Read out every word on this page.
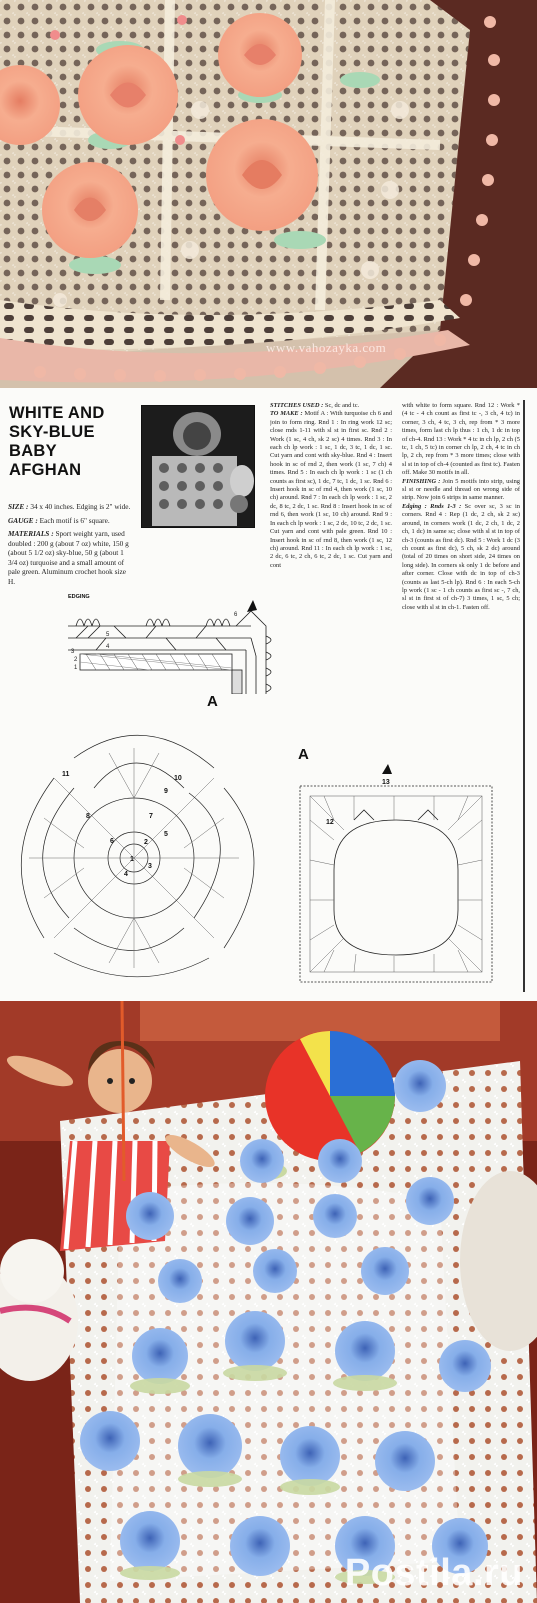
www.vahozayka.com
WHITE AND
SKY-BLUE
BABY
AFGHAN

SIZE : 34 x 40 inches. Edging is 2" wide.

GAUGE : Each motif is 6" square.

MATERIALS : Sport weight yarn, used doubled : 200 g (about 7 oz) white, 150 g (about 5 1/2 oz) sky-blue, 50 g (about 1 3/4 oz) turquoise and a small amount of pale green. Aluminum crochet hook size H.

STITCHES USED : Sc, dc and tc.
TO MAKE : Motif A : With turquoise ch 6 and join to form ring. Rnd 1 : In ring work 12 sc; close rnds 1-11 with sl st in first sc. Rnd 2 : Work (1 sc, 4 ch, sk 2 sc) 4 times. Rnd 3 : In each ch lp work : 1 sc, 1 dc, 3 tc, 1 dc, 1 sc. Cut yarn and cont with sky-blue. Rnd 4 : Insert hook in sc of rnd 2, then work (1 sc, 7 ch) 4 times. Rnd 5 : In each ch lp work : 1 sc (1 ch counts as first sc), 1 dc, 7 tc, 1 dc, 1 sc. Rnd 6 : Insert hook in sc of rnd 4, then work (1 sc, 10 ch) around. Rnd 7 : In each ch lp work : 1 sc, 2 dc, 8 tc, 2 dc, 1 sc. Rnd 8 : Insert hook in sc of rnd 6, then work (1 sc, 10 ch) around. Rnd 9 : In each ch lp work : 1 sc, 2 dc, 10 tc, 2 dc, 1 sc. Cut yarn and cont with pale green. Rnd 10 : Insert hook in sc of rnd 8, then work (1 sc, 12 ch) around. Rnd 11 : In each ch lp work : 1 sc, 2 dc, 6 tc, 2 ch, 6 tc, 2 dc, 1 sc. Cut yarn and cont
with white to form square. Rnd 12 : Work * (4 tc - 4 ch count as first tc -, 3 ch, 4 tc) in corner, 3 ch, 4 tc, 3 ch, rep from * 3 more times, form last ch lp thus : 1 ch, 1 dc in top of ch-4. Rnd 13 : Work * 4 tc in ch lp, 2 ch (5 tc, 1 ch, 5 tc) in corner ch lp, 2 ch, 4 tc in ch lp, 2 ch, rep from * 3 more times; close with sl st in top of ch-4 (counted as first tc). Fasten off. Make 30 motifs in all.
FINISHING : Join 5 motifs into strip, using sl st or needle and thread on wrong side of strip. Now join 6 strips in same manner.
Edging : Rnds 1-3 : Sc over sc, 3 sc in corners. Rnd 4 : Rep (1 dc, 2 ch, sk 2 sc) around, in corners work (1 dc, 2 ch, 1 dc, 2 ch, 1 dc) in same sc; close with sl st in top of ch-3 (counts as first dc). Rnd 5 : Work 1 dc (3 ch count as first dc), 5 ch, sk 2 dc) around (total of 20 times on short side, 24 times on long side). In corners sk only 1 dc before and after corner. Close with dc in top of ch-3 (counts as last 5-ch lp). Rnd 6 : In each 5-ch lp work (1 sc - 1 ch counts as first sc -, 7 ch, sl st in first st of ch-7) 3 times, 1 sc, 5 ch; close with sl st in ch-1. Fasten off.
EDGING
6
5
4
3
2
1
A
1
2
3
4
5
6
7
8
9
10
11
A
12
13
Postila.ru
